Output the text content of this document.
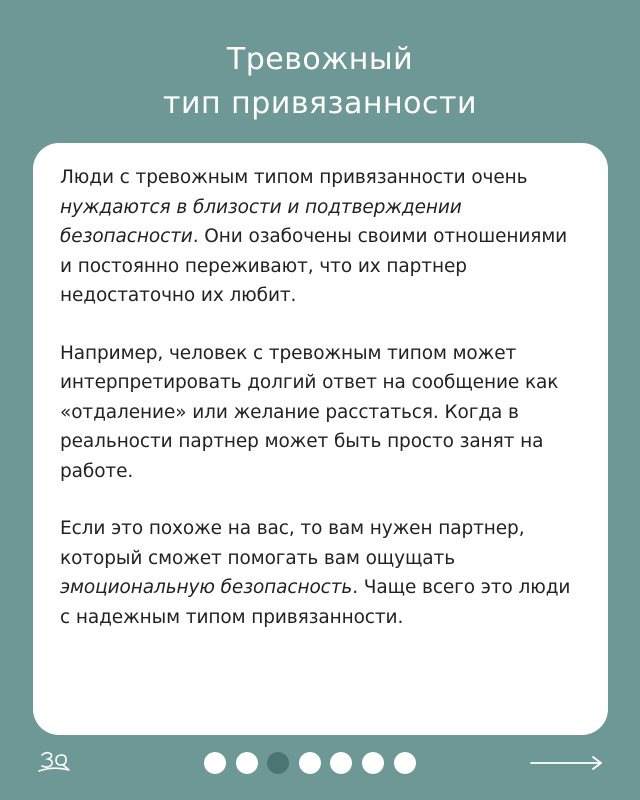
Тревожный
тип привязанности

Люди с тревожным типом привязанности очень нуждаются в близости и подтверждении безопасности. Они озабочены своими отношениями и постоянно переживают, что их партнер недостаточно их любит.

Например, человек с тревожным типом может интерпретировать долгий ответ на сообщение как «отдаление» или желание расстаться. Когда в реальности партнер может быть просто занят на работе.

Если это похоже на вас, то вам нужен партнер, который сможет помогать вам ощущать эмоциональную безопасность. Чаще всего это люди с надежным типом привязанности.
